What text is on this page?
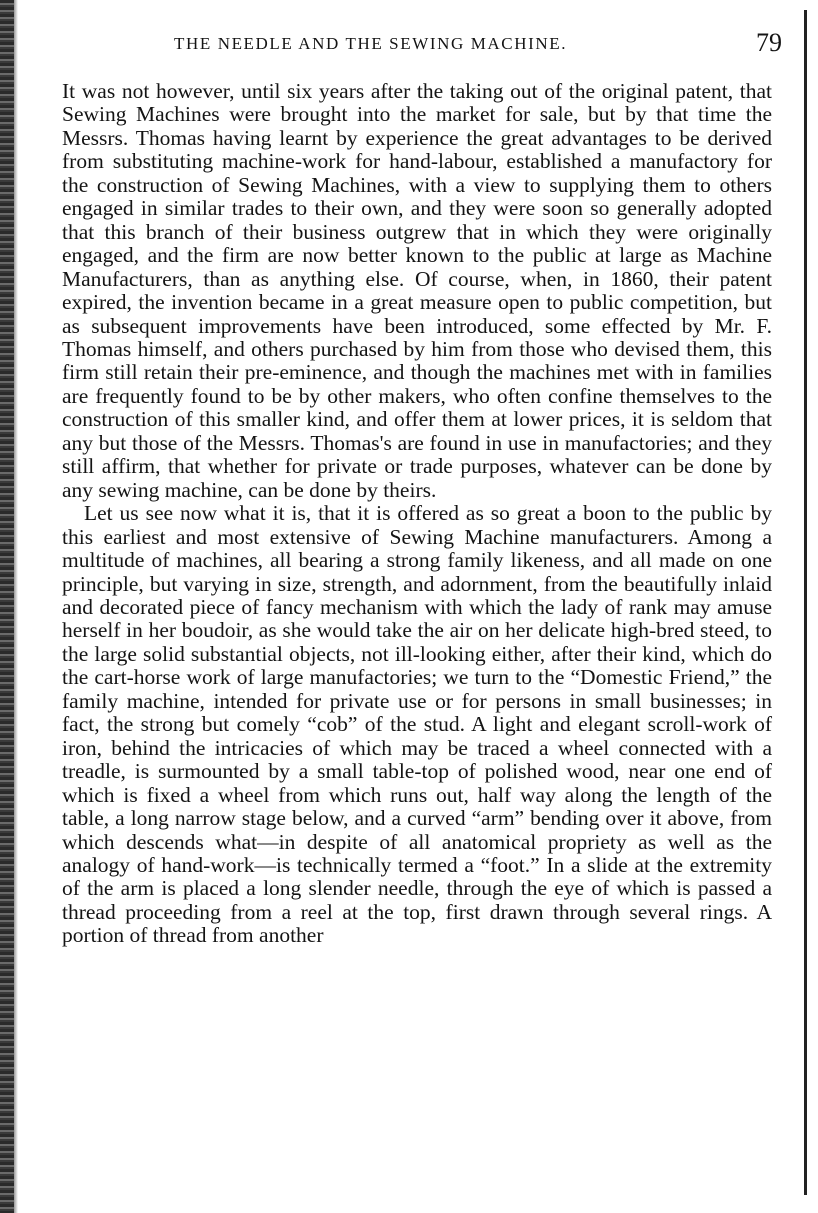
THE NEEDLE AND THE SEWING MACHINE.	79

It was not however, until six years after the taking out of the original patent, that Sewing Machines were brought into the market for sale, but by that time the Messrs. Thomas having learnt by experience the great advantages to be derived from substituting machine-work for hand-labour, established a manufactory for the construction of Sewing Machines, with a view to supplying them to others engaged in similar trades to their own, and they were soon so generally adopted that this branch of their business outgrew that in which they were originally engaged, and the firm are now better known to the public at large as Machine Manufacturers, than as anything else. Of course, when, in 1860, their patent expired, the invention became in a great measure open to public competition, but as subsequent improvements have been introduced, some effected by Mr. F. Thomas himself, and others purchased by him from those who devised them, this firm still retain their pre-eminence, and though the machines met with in families are frequently found to be by other makers, who often confine themselves to the construction of this smaller kind, and offer them at lower prices, it is seldom that any but those of the Messrs. Thomas's are found in use in manufactories; and they still affirm, that whether for private or trade purposes, whatever can be done by any sewing machine, can be done by theirs.

Let us see now what it is, that it is offered as so great a boon to the public by this earliest and most extensive of Sewing Machine manufacturers. Among a multitude of machines, all bearing a strong family likeness, and all made on one principle, but varying in size, strength, and adornment, from the beautifully inlaid and decorated piece of fancy mechanism with which the lady of rank may amuse herself in her boudoir, as she would take the air on her delicate high-bred steed, to the large solid substantial objects, not ill-looking either, after their kind, which do the cart-horse work of large manufactories; we turn to the “Domestic Friend,” the family machine, intended for private use or for persons in small businesses; in fact, the strong but comely “cob” of the stud. A light and elegant scroll-work of iron, behind the intricacies of which may be traced a wheel connected with a treadle, is surmounted by a small table-top of polished wood, near one end of which is fixed a wheel from which runs out, half way along the length of the table, a long narrow stage below, and a curved “arm” bending over it above, from which descends what—in despite of all anatomical propriety as well as the analogy of hand-work—is technically termed a “foot.” In a slide at the extremity of the arm is placed a long slender needle, through the eye of which is passed a thread proceeding from a reel at the top, first drawn through several rings. A portion of thread from another
